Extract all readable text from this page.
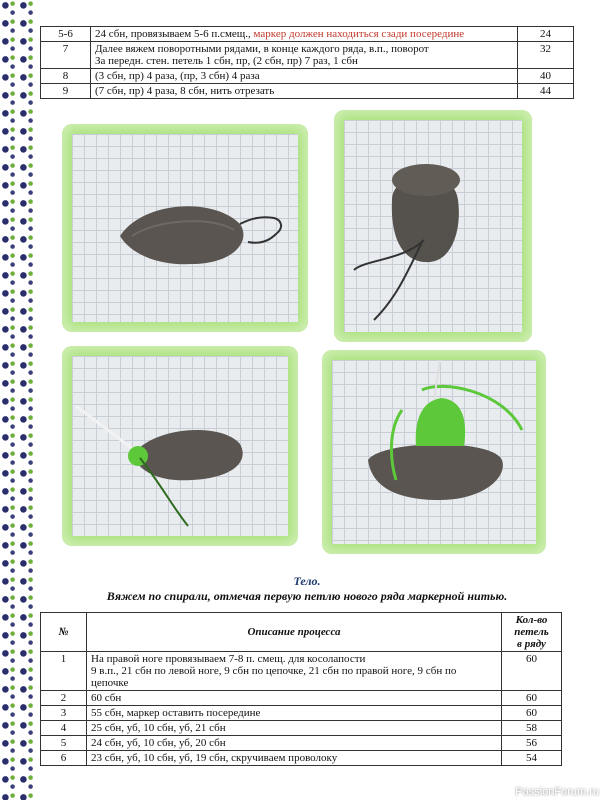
5-6	24 сбн, провязываем 5-6 п.смещ., маркер должен находиться сзади посередине	24
7	Далее вяжем поворотными рядами, в конце каждого ряда, в.п., поворот
За передн. стен. петель 1 сбн, пр, (2 сбн, пр) 7 раз, 1 сбн	32
8	(3 сбн, пр) 4 раза, (пр, 3 сбн) 4 раза	40
9	(7 сбн, пр) 4 раза, 8 сбн, нить отрезать	44
Тело.
Вяжем по спирали, отмечая первую петлю нового ряда маркерной нитью.
№	Описание процесса	Кол-во
петель
в ряду

1	На правой ноге провязываем 7-8 п. смещ. для косолапости
9 в.п., 21 сбн по левой ноге, 9 сбн по цепочке, 21 сбн по правой ноге, 9 сбн по
цепочке	60
2	60 сбн	60
3	55 сбн, маркер оставить посередине	60
4	25 сбн, уб, 10 сбн, уб, 21 сбн	58
5	24 сбн, уб, 10 сбн, уб, 20 сбн	56
6	23 сбн, уб, 10 сбн, уб, 19 сбн, скручиваем проволоку	54
PassionForum.ru
